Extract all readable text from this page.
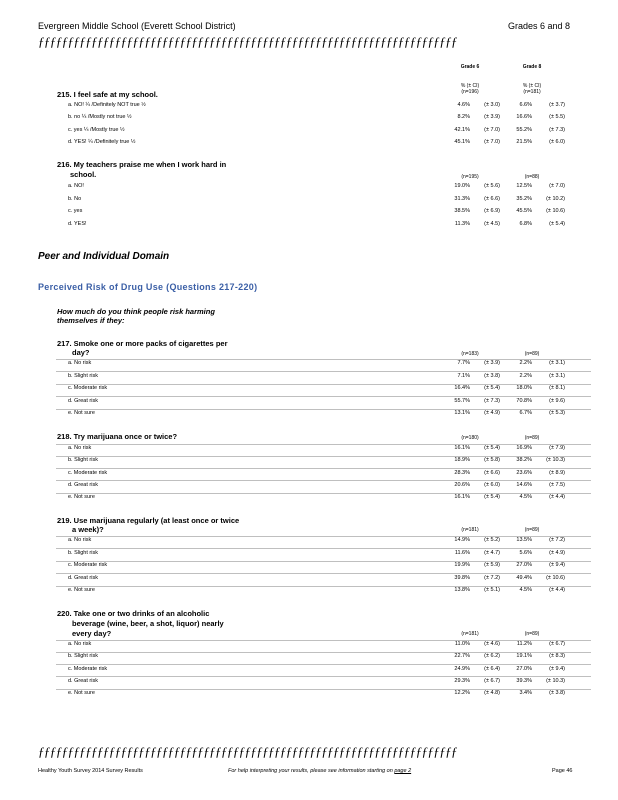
Evergreen Middle School (Everett School District)	Grades 6 and 8
ƒƒƒƒƒƒƒƒƒƒƒƒƒƒƒƒƒƒƒƒƒƒƒƒƒƒƒƒƒƒƒƒƒƒƒƒƒƒƒƒƒƒƒƒƒƒƒƒƒƒƒƒƒƒƒƒƒƒƒƒƒƒƒƒƒƒƒƒƒƒƒ
Grade 6	Grade 8
% (± CI)	% (± CI)
(n=196)	(n=181)
215. I feel safe at my school.
a. NO! ¼ /Definitely NOT true ½	4.6%	(± 3.0)	6.6%	(± 3.7)
b. no ¼ /Mostly not true ½	8.2%	(± 3.9)	16.6%	(± 5.5)
c. yes ¼ /Mostly true ½	42.1%	(± 7.0)	55.2%	(± 7.3)
d. YES! ¼ /Definitely true ½	45.1%	(± 7.0)	21.5%	(± 6.0)
216. My teachers praise me when I work hard in
school.	(n=195)	(n=88)
a. NO!	19.0%	(± 5.6)	12.5%	(± 7.0)
b. No	31.3%	(± 6.6)	35.2%	(± 10.2)
c. yes	38.5%	(± 6.9)	45.5%	(± 10.6)
d. YES!	11.3%	(± 4.5)	6.8%	(± 5.4)
Peer and Individual Domain
Perceived Risk of Drug Use (Questions 217-220)
How much do you think people risk harming
themselves if they:
217. Smoke one or more packs of cigarettes per
day?	(n=183)	(n=89)
a. No risk	7.7%	(± 3.9)	2.2%	(± 3.1)
b. Slight risk	7.1%	(± 3.8)	2.2%	(± 3.1)
c. Moderate risk	16.4%	(± 5.4)	18.0%	(± 8.1)
d. Great risk	55.7%	(± 7.3)	70.8%	(± 9.6)
e. Not sure	13.1%	(± 4.9)	6.7%	(± 5.3)
218. Try marijuana once or twice?	(n=180)	(n=89)
a. No risk	16.1%	(± 5.4)	16.9%	(± 7.9)
b. Slight risk	18.9%	(± 5.8)	38.2%	(± 10.3)
c. Moderate risk	28.3%	(± 6.6)	23.6%	(± 8.9)
d. Great risk	20.6%	(± 6.0)	14.6%	(± 7.5)
e. Not sure	16.1%	(± 5.4)	4.5%	(± 4.4)
219. Use marijuana regularly (at least once or twice
a week)?	(n=181)	(n=89)
a. No risk	14.9%	(± 5.2)	13.5%	(± 7.2)
b. Slight risk	11.6%	(± 4.7)	5.6%	(± 4.9)
c. Moderate risk	19.9%	(± 5.9)	27.0%	(± 9.4)
d. Great risk	39.8%	(± 7.2)	49.4%	(± 10.6)
e. Not sure	13.8%	(± 5.1)	4.5%	(± 4.4)
220. Take one or two drinks of an alcoholic
beverage (wine, beer, a shot, liquor) nearly
every day?	(n=181)	(n=89)
a. No risk	11.0%	(± 4.6)	11.2%	(± 6.7)
b. Slight risk	22.7%	(± 6.2)	19.1%	(± 8.3)
c. Moderate risk	24.9%	(± 6.4)	27.0%	(± 9.4)
d. Great risk	29.3%	(± 6.7)	39.3%	(± 10.3)
e. Not sure	12.2%	(± 4.8)	3.4%	(± 3.8)
ƒƒƒƒƒƒƒƒƒƒƒƒƒƒƒƒƒƒƒƒƒƒƒƒƒƒƒƒƒƒƒƒƒƒƒƒƒƒƒƒƒƒƒƒƒƒƒƒƒƒƒƒƒƒƒƒƒƒƒƒƒƒƒƒƒƒƒƒƒƒƒ
Healthy Youth Survey 2014 Survey Results	For help interpreting your results, please see information starting on page 2	Page 46
